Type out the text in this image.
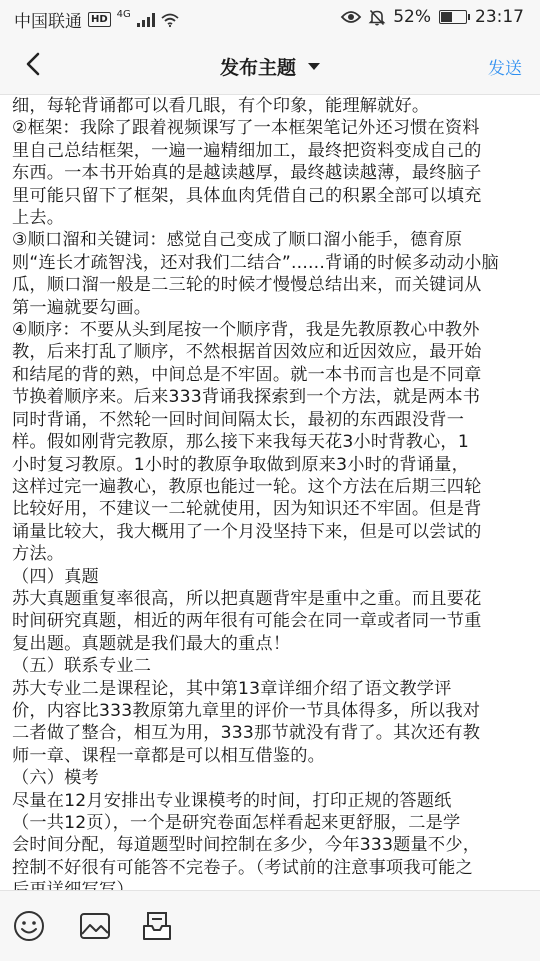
中国联通 HD 4G	52%	23:17
发布主题	发送

细，每轮背诵都可以看几眼，有个印象，能理解就好。

②框架：我除了跟着视频课写了一本框架笔记外还习惯在资料

里自己总结框架，一遍一遍精细加工，最终把资料变成自己的

东西。一本书开始真的是越读越厚，最终越读越薄，最终脑子

里可能只留下了框架，具体血肉凭借自己的积累全部可以填充

上去。

③顺口溜和关键词：感觉自己变成了顺口溜小能手，德育原

则“连长才疏智浅，还对我们二结合”......背诵的时候多动动小脑

瓜，顺口溜一般是二三轮的时候才慢慢总结出来，而关键词从

第一遍就要勾画。

④顺序：不要从头到尾按一个顺序背，我是先教原教心中教外

教，后来打乱了顺序，不然根据首因效应和近因效应，最开始

和结尾的背的熟，中间总是不牢固。就一本书而言也是不同章

节换着顺序来。后来333背诵我探索到一个方法，就是两本书

同时背诵，不然轮一回时间间隔太长，最初的东西跟没背一

样。假如刚背完教原，那么接下来我每天花3小时背教心，1

小时复习教原。1小时的教原争取做到原来3小时的背诵量，

这样过完一遍教心，教原也能过一轮。这个方法在后期三四轮

比较好用，不建议一二轮就使用，因为知识还不牢固。但是背

诵量比较大，我大概用了一个月没坚持下来，但是可以尝试的

方法。

（四）真题

苏大真题重复率很高，所以把真题背牢是重中之重。而且要花

时间研究真题，相近的两年很有可能会在同一章或者同一节重

复出题。真题就是我们最大的重点！

（五）联系专业二

苏大专业二是课程论，其中第13章详细介绍了语文教学评

价，内容比333教原第九章里的评价一节具体得多，所以我对

二者做了整合，相互为用，333那节就没有背了。其次还有教

师一章、课程一章都是可以相互借鉴的。

（六）模考

尽量在12月安排出专业课模考的时间，打印正规的答题纸

（一共12页），一个是研究卷面怎样看起来更舒服，二是学

会时间分配，每道题型时间控制在多少，今年333题量不少，

控制不好很有可能答不完卷子。（考试前的注意事项我可能之
